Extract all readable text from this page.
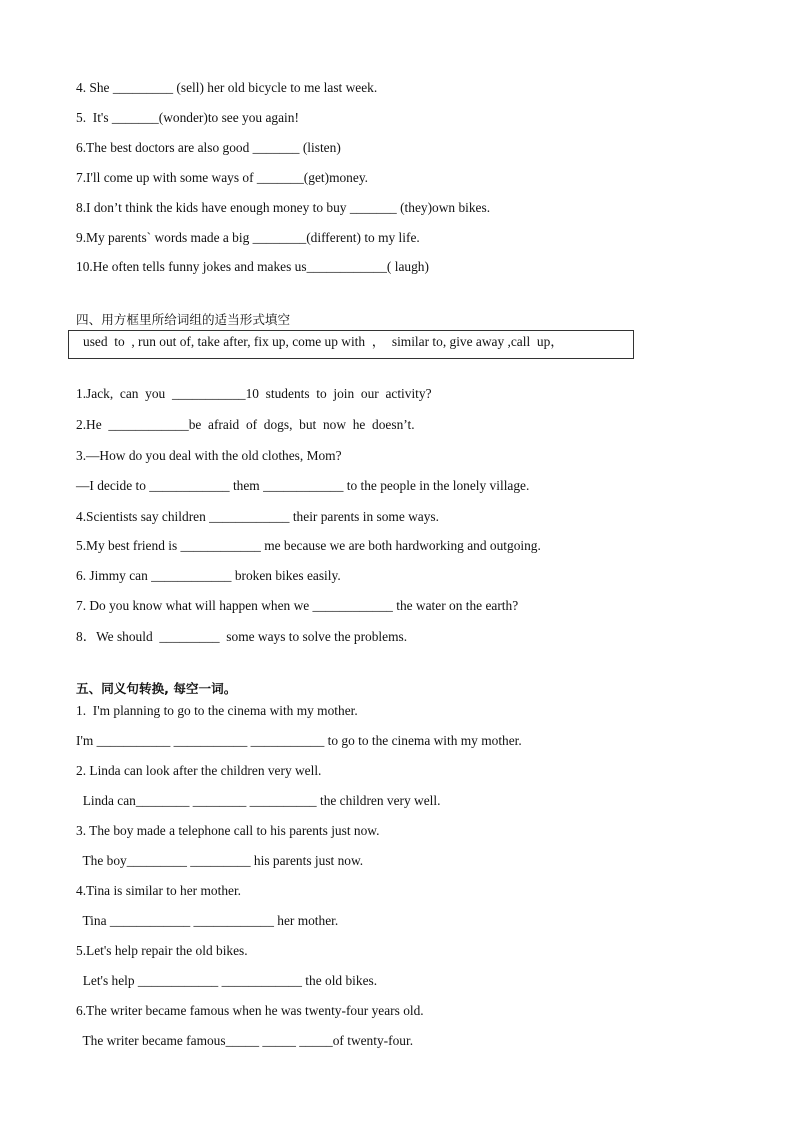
4. She _________ (sell) her old bicycle to me last week.
5.  It's _______(wonder)to see you again!
6.The best doctors are also good _______ (listen)
7.I'll come up with some ways of _______(get)money.
8.I don’t think the kids have enough money to buy _______ (they)own bikes.
9.My parents` words made a big ________(different) to my life.
10.He often tells funny jokes and makes us____________( laugh)
四、用方框里所给词组的适当形式填空
used  to  , run out of, take after, fix up, come up with  ，  similar to, give away ,call  up，
1.Jack,  can  you  ___________10  students  to  join  our  activity?
2.He  ____________be  afraid  of  dogs,  but  now  he  doesn’t.
3.—How do you deal with the old clothes, Mom?
—I decide to ____________ them ____________ to the people in the lonely village.
4.Scientists say children ____________ their parents in some ways.
5.My best friend is ____________ me because we are both hardworking and outgoing.
6. Jimmy can ____________ broken bikes easily.
7. Do you know what will happen when we ____________ the water on the earth?
8．We should  _________  some ways to solve the problems.
五、同义句转换, 每空一词。
1.  I'm planning to go to the cinema with my mother.
I'm ___________ ___________ ___________ to go to the cinema with my mother.
2. Linda can look after the children very well.
Linda can________ ________ __________ the children very well.
3. The boy made a telephone call to his parents just now.
The boy_________ _________ his parents just now.
4.Tina is similar to her mother.
Tina ____________ ____________ her mother.
5.Let's help repair the old bikes.
Let's help ____________ ____________ the old bikes.
6.The writer became famous when he was twenty-four years old.
The writer became famous_____ _____ _____of twenty-four.
